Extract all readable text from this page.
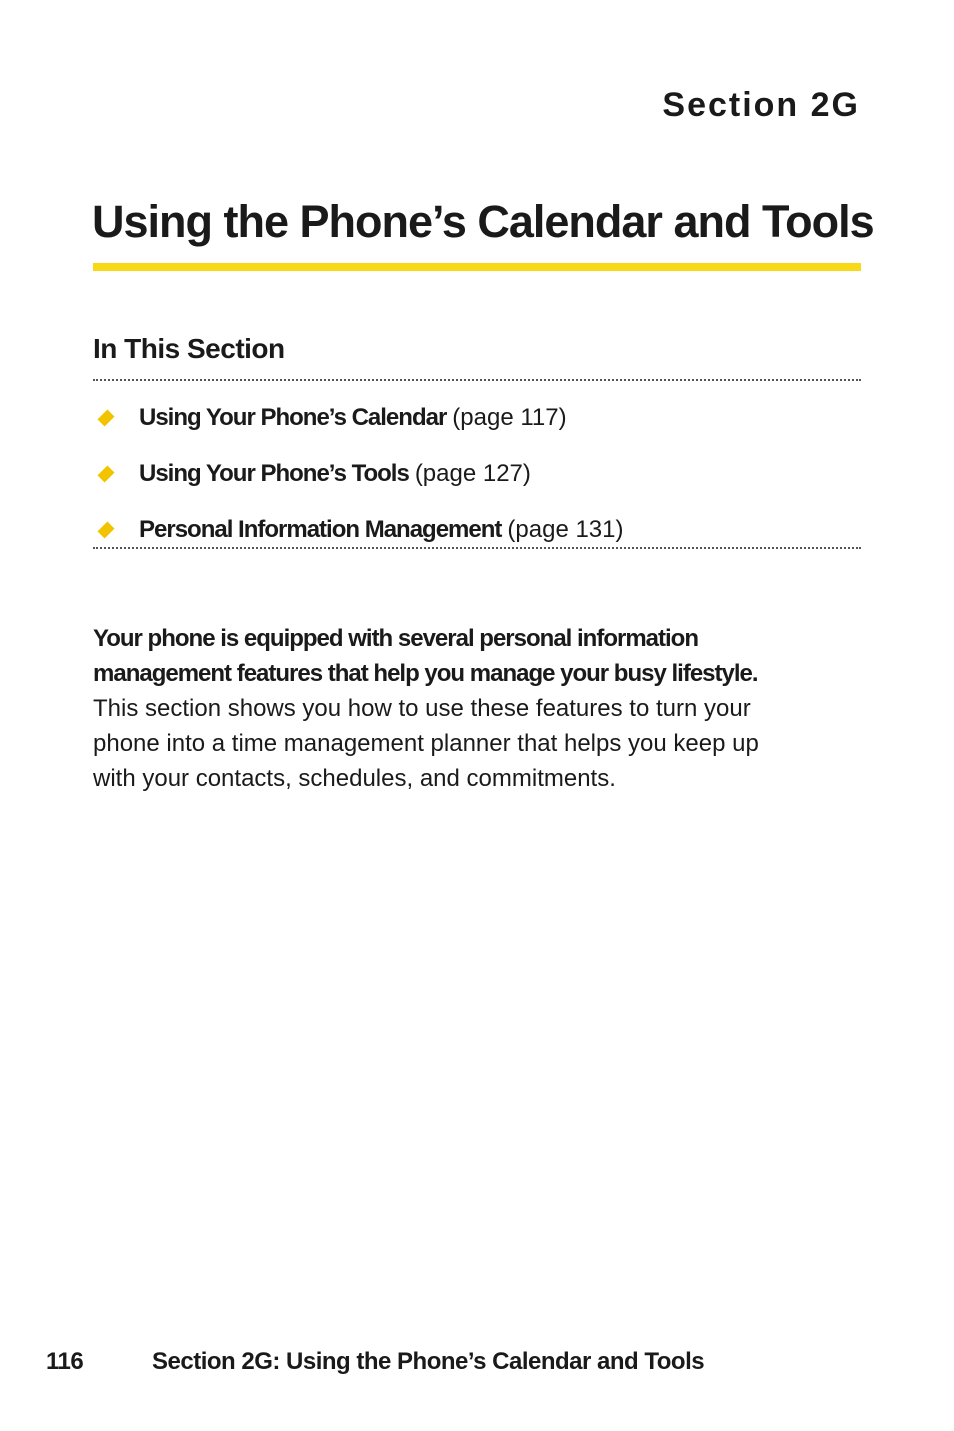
Section 2G
Using the Phone’s Calendar and Tools
In This Section
Using Your Phone’s Calendar (page 117)
Using Your Phone’s Tools (page 127)
Personal Information Management (page 131)

Your phone is equipped with several personal information management features that help you manage your busy lifestyle. This section shows you how to use these features to turn your phone into a time management planner that helps you keep up with your contacts, schedules, and commitments.

116	Section 2G: Using the Phone’s Calendar and Tools
